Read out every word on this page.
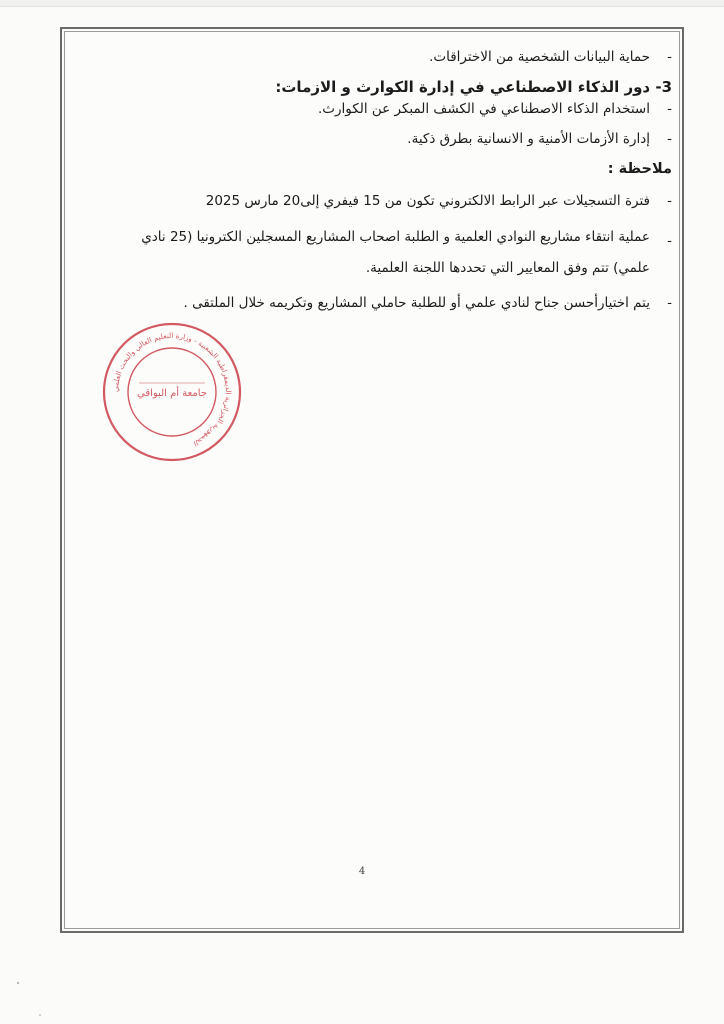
-
حماية البيانات الشخصية من الاختراقات.

3- دور الذكاء الاصطناعي في إدارة الكوارث و الازمات:

-
استخدام الذكاء الاصطناعي في الكشف المبكر عن الكوارث.

-
إدارة الأزمات الأمنية و الانسانية بطرق ذكية.

ملاحظة :

-
فترة التسجيلات عبر الرابط الالكتروني تكون من 15 فيفري إلى20 مارس 2025

-
عملية انتقاء مشاريع النوادي العلمية و الطلبة اصحاب المشاريع المسجلين الكترونيا (25 نادي علمي) تتم وفق المعايير التي تحددها اللجنة العلمية.

-
يتم اختيارأحسن جناح لنادي علمي أو للطلبة حاملي المشاريع وتكريمه خلال الملتقى .

الجمهورية الجزائرية الديمقراطية الشعبية - وزارة التعليم العالي والبحث العلمي
جامعة أم البواقي
4
